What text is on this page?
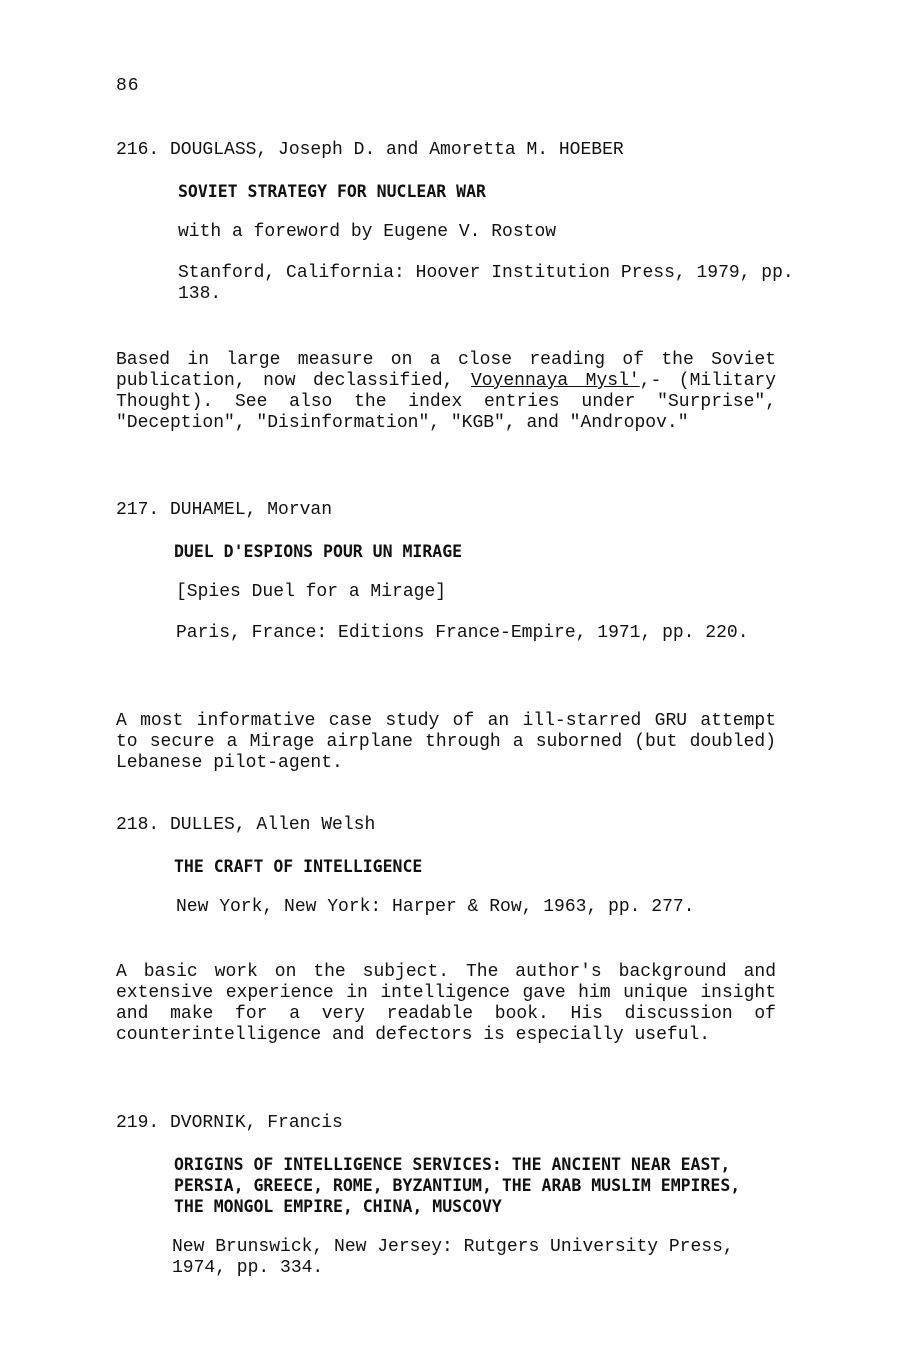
86
216. DOUGLASS, Joseph D. and Amoretta M. HOEBER
SOVIET STRATEGY FOR NUCLEAR WAR
with a foreword by Eugene V. Rostow
Stanford, California: Hoover Institution Press, 1979, pp. 138.
Based in large measure on a close reading of the Soviet publication, now declassified, Voyennaya Mysl',- (Military Thought). See also the index entries under "Surprise", "Deception", "Disinformation", "KGB", and "Andropov."
217. DUHAMEL, Morvan
DUEL D'ESPIONS POUR UN MIRAGE
[Spies Duel for a Mirage]
Paris, France: Editions France-Empire, 1971, pp. 220.
A most informative case study of an ill-starred GRU attempt to secure a Mirage airplane through a suborned (but doubled) Lebanese pilot-agent.
218. DULLES, Allen Welsh
THE CRAFT OF INTELLIGENCE
New York, New York: Harper & Row, 1963, pp. 277.
A basic work on the subject. The author's background and extensive experience in intelligence gave him unique insight and make for a very readable book. His discussion of counterintelligence and defectors is especially useful.
219. DVORNIK, Francis
ORIGINS OF INTELLIGENCE SERVICES: THE ANCIENT NEAR EAST, PERSIA, GREECE, ROME, BYZANTIUM, THE ARAB MUSLIM EMPIRES, THE MONGOL EMPIRE, CHINA, MUSCOVY
New Brunswick, New Jersey: Rutgers University Press, 1974, pp. 334.
